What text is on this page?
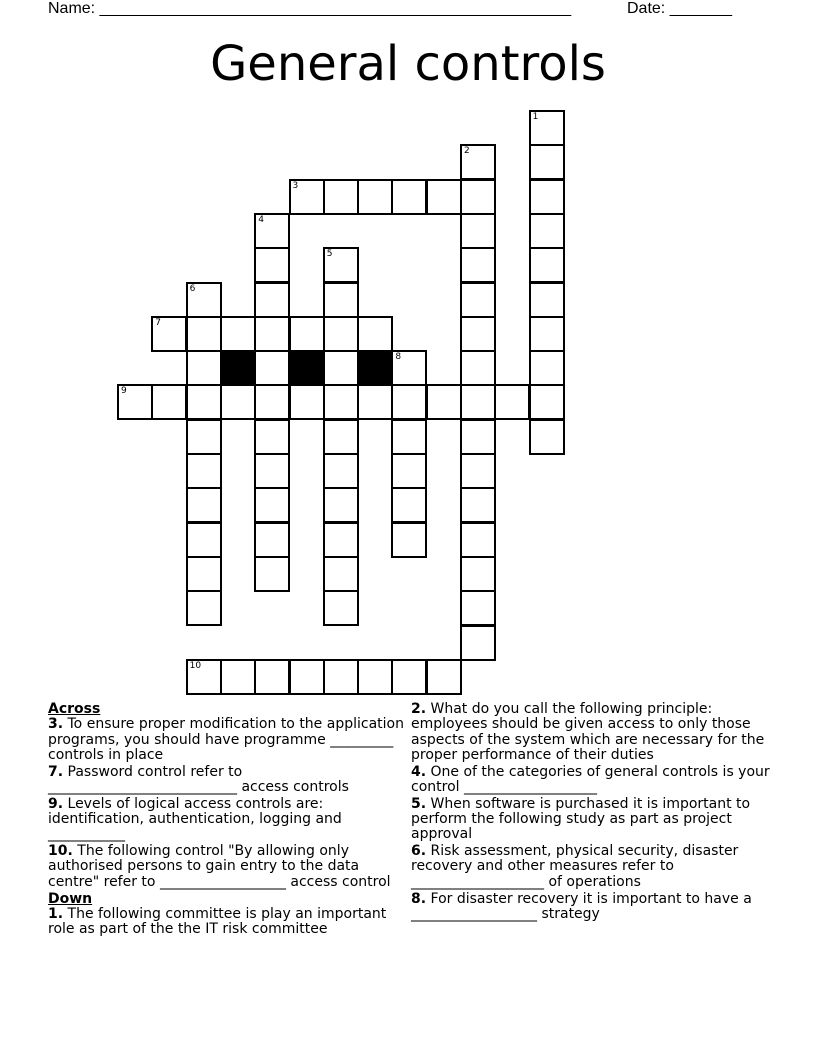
Name: _____________________________________________________	Date: _______
General controls
1
2
3
4
5
6
7
8
9
10
Across
3. To ensure proper modification to the application programs, you should have programme _________ controls in place
7. Password control refer to ___________________________ access controls
9. Levels of logical access controls are: identification, authentication, logging and ___________
10. The following control "By allowing only authorised persons to gain entry to the data centre" refer to __________________ access control
Down
1. The following committee is play an important role as part of the the IT risk committee
2. What do you call the following principle: employees should be given access to only those aspects of the system which are necessary for the proper performance of their duties
4. One of the categories of general controls is your control ___________________
5. When software is purchased it is important to perform the following study as part as project approval
6. Risk assessment, physical security, disaster recovery and other measures refer to ___________________ of operations
8. For disaster recovery it is important to have a __________________ strategy
